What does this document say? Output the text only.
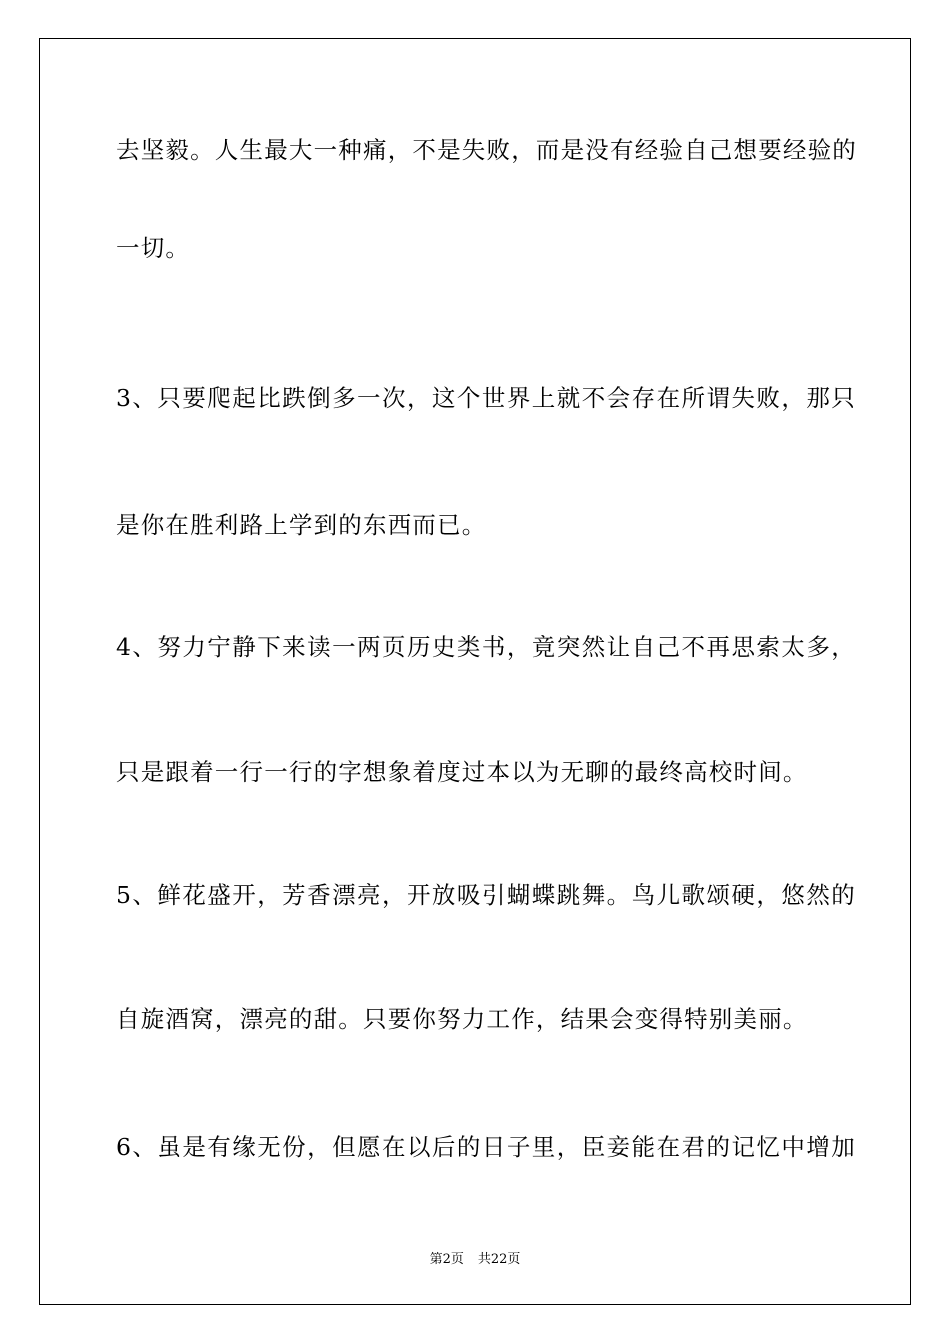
去坚毅。人生最大一种痛，不是失败，而是没有经验自己想要经验的
一切。
3、只要爬起比跌倒多一次，这个世界上就不会存在所谓失败，那只
是你在胜利路上学到的东西而已。
4、努力宁静下来读一两页历史类书，竟突然让自己不再思索太多，
只是跟着一行一行的字想象着度过本以为无聊的最终高校时间。
5、鲜花盛开，芳香漂亮，开放吸引蝴蝶跳舞。鸟儿歌颂硬，悠然的
自旋酒窝，漂亮的甜。只要你努力工作，结果会变得特别美丽。
6、虽是有缘无份，但愿在以后的日子里，臣妾能在君的记忆中增加
第2页 共22页
